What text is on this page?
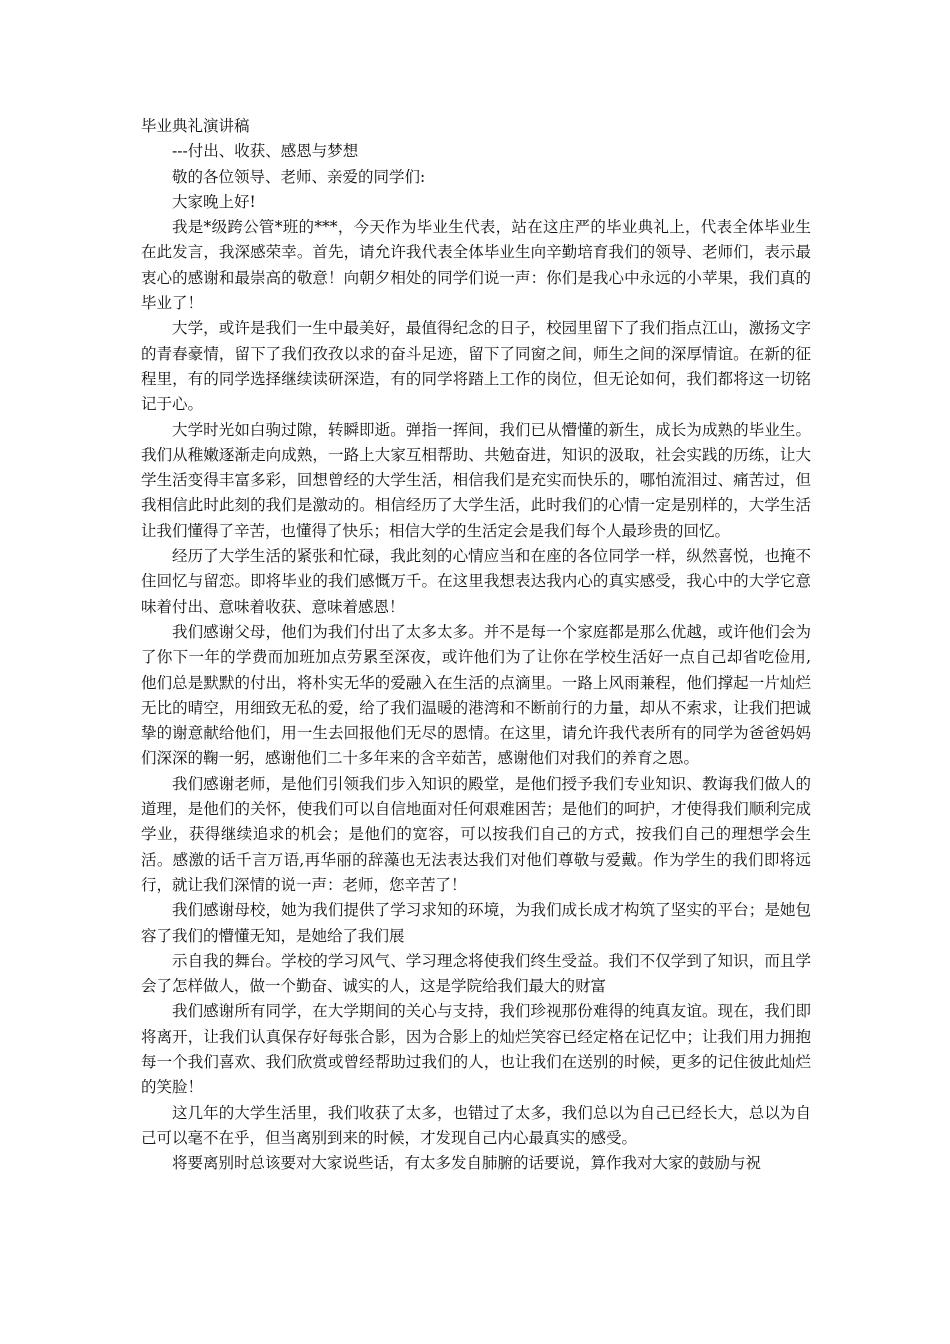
毕业典礼演讲稿

---付出、收获、感恩与梦想

敬的各位领导、老师、亲爱的同学们:

大家晚上好!

我是*级跨公管*班的***，今天作为毕业生代表，站在这庄严的毕业典礼上，代表全体毕业生在此发言，我深感荣幸。首先，请允许我代表全体毕业生向辛勤培育我们的领导、老师们，表示最衷心的感谢和最崇高的敬意！向朝夕相处的同学们说一声：你们是我心中永远的小苹果，我们真的毕业了！

大学，或许是我们一生中最美好，最值得纪念的日子，校园里留下了我们指点江山，激扬文字的青春豪情，留下了我们孜孜以求的奋斗足迹，留下了同窗之间，师生之间的深厚情谊。在新的征程里，有的同学选择继续读研深造，有的同学将踏上工作的岗位，但无论如何，我们都将这一切铭记于心。

大学时光如白驹过隙，转瞬即逝。弹指一挥间，我们已从懵懂的新生，成长为成熟的毕业生。我们从稚嫩逐渐走向成熟，一路上大家互相帮助、共勉奋进，知识的汲取，社会实践的历练，让大学生活变得丰富多彩，回想曾经的大学生活，相信我们是充实而快乐的，哪怕流泪过、痛苦过，但我相信此时此刻的我们是激动的。相信经历了大学生活，此时我们的心情一定是别样的，大学生活让我们懂得了辛苦，也懂得了快乐；相信大学的生活定会是我们每个人最珍贵的回忆。

经历了大学生活的紧张和忙碌，我此刻的心情应当和在座的各位同学一样，纵然喜悦，也掩不住回忆与留恋。即将毕业的我们感慨万千。在这里我想表达我内心的真实感受，我心中的大学它意味着付出、意味着收获、意味着感恩！

我们感谢父母，他们为我们付出了太多太多。并不是每一个家庭都是那么优越，或许他们会为了你下一年的学费而加班加点劳累至深夜，或许他们为了让你在学校生活好一点自己却省吃俭用,他们总是默默的付出，将朴实无华的爱融入在生活的点滴里。一路上风雨兼程，他们撑起一片灿烂无比的晴空，用细致无私的爱，给了我们温暖的港湾和不断前行的力量，却从不索求，让我们把诚挚的谢意献给他们，用一生去回报他们无尽的恩情。在这里，请允许我代表所有的同学为爸爸妈妈们深深的鞠一躬，感谢他们二十多年来的含辛茹苦，感谢他们对我们的养育之恩。

我们感谢老师，是他们引领我们步入知识的殿堂，是他们授予我们专业知识、教诲我们做人的道理，是他们的关怀，使我们可以自信地面对任何艰难困苦；是他们的呵护，才使得我们顺利完成学业，获得继续追求的机会；是他们的宽容，可以按我们自己的方式，按我们自己的理想学会生活。感激的话千言万语,再华丽的辞藻也无法表达我们对他们尊敬与爱戴。作为学生的我们即将远行，就让我们深情的说一声：老师，您辛苦了！

我们感谢母校，她为我们提供了学习求知的环境，为我们成长成才构筑了坚实的平台；是她包容了我们的懵懂无知，是她给了我们展

示自我的舞台。学校的学习风气、学习理念将使我们终生受益。我们不仅学到了知识，而且学会了怎样做人，做一个勤奋、诚实的人，这是学院给我们最大的财富

我们感谢所有同学，在大学期间的关心与支持，我们珍视那份难得的纯真友谊。现在，我们即将离开，让我们认真保存好每张合影，因为合影上的灿烂笑容已经定格在记忆中；让我们用力拥抱每一个我们喜欢、我们欣赏或曾经帮助过我们的人，也让我们在送别的时候，更多的记住彼此灿烂的笑脸！

这几年的大学生活里，我们收获了太多，也错过了太多，我们总以为自己已经长大，总以为自己可以毫不在乎，但当离别到来的时候，才发现自己内心最真实的感受。

将要离别时总该要对大家说些话，有太多发自肺腑的话要说，算作我对大家的鼓励与祝
